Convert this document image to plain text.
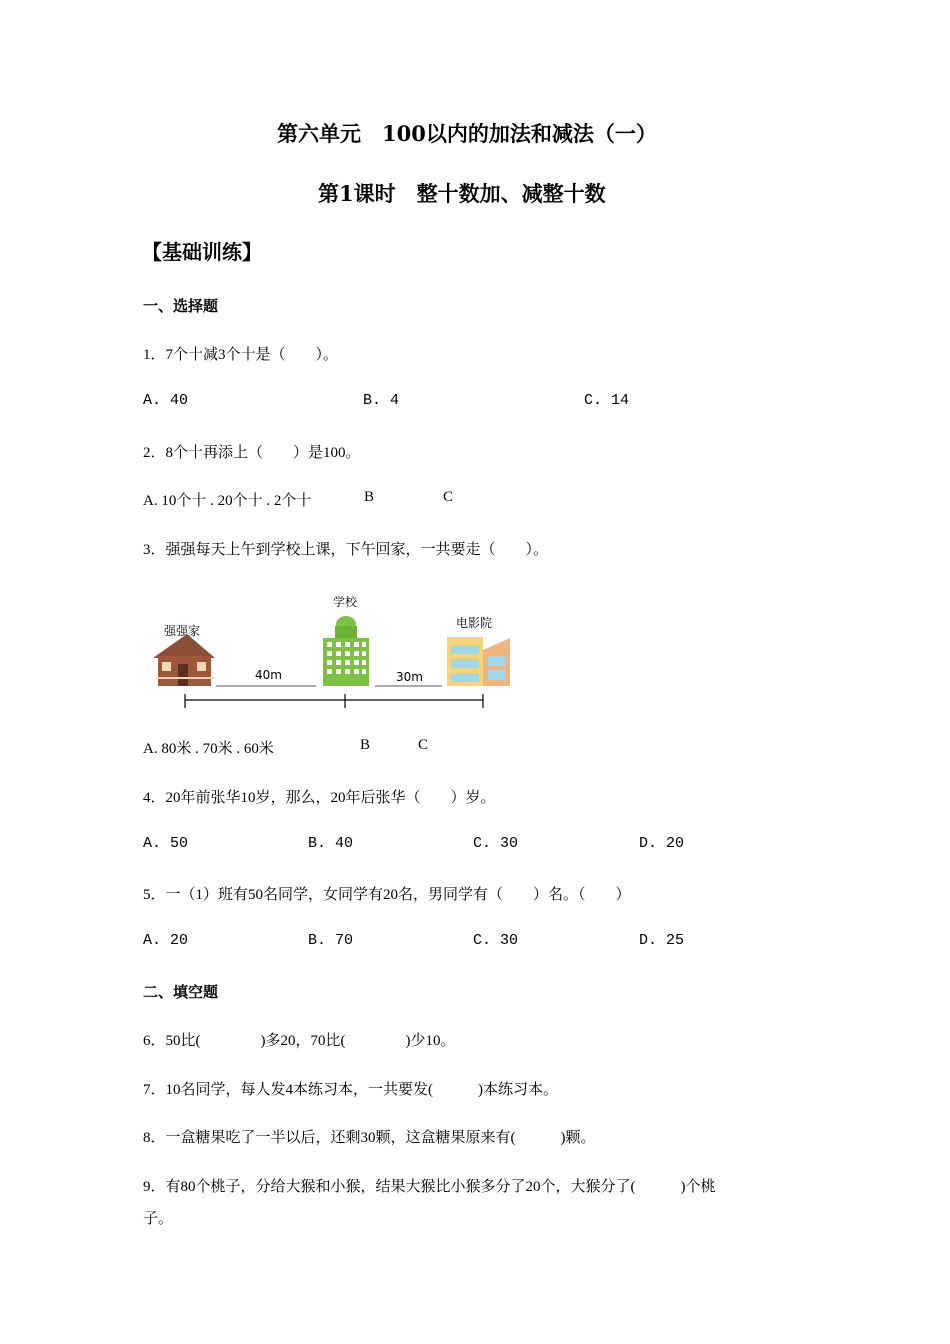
第六单元　100以内的加法和减法（一）
第1课时　整十数加、减整十数
【基础训练】
一、选择题
1．7个十减3个十是（　　）。
A. 40	B. 4	C. 14
2．8个十再添上（　　）是100。
A. 10个十 . 20个十 . 2个十	B	C
3．强强每天上午到学校上课，下午回家，一共要走（　　）。
强强家
学校
电影院
40m	30m
A. 80米 . 70米 . 60米	B	C
4．20年前张华10岁，那么，20年后张华（　　）岁。
A. 50	B. 40	C. 30	D. 20
5．一（1）班有50名同学，女同学有20名，男同学有（　　）名。（　　）
A. 20	B. 70	C. 30	D. 25
二、填空题
6．50比(　　　　)多20，70比(　　　　)少10。
7．10名同学，每人发4本练习本，一共要发(　　　)本练习本。
8．一盒糖果吃了一半以后，还剩30颗，这盒糖果原来有(　　　)颗。
9．有80个桃子，分给大猴和小猴，结果大猴比小猴多分了20个，大猴分了(　　　)个桃
子。
